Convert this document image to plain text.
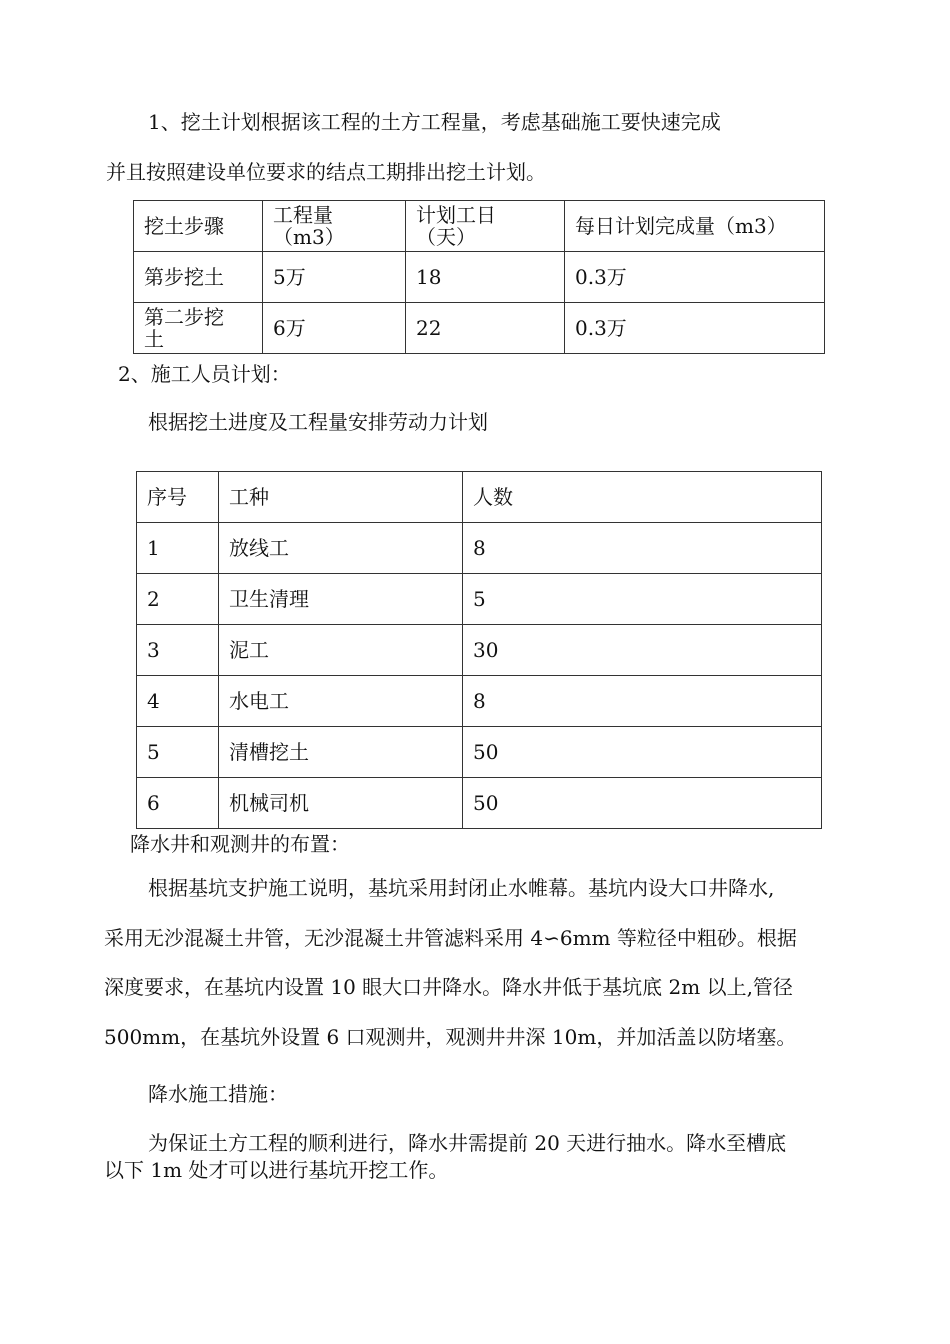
1、挖土计划根据该工程的土方工程量，考虑基础施工要快速完成
并且按照建设单位要求的结点工期排出挖土计划。
挖土步骤	工程量（m3）	计划工日（天）	每日计划完成量（m3）
第步挖土	5万	18	0.3万

第二步挖土	6万	22	0.3万
2、施工人员计划：
根据挖土进度及工程量安排劳动力计划
序号	工种	人数
1	放线工	8
2	卫生清理	5
3	泥工	30
4	水电工	8
5	清槽挖土	50
6	机械司机	50
降水井和观测井的布置：
根据基坑支护施工说明，基坑采用封闭止水帷幕。基坑内设大口井降水,
采用无沙混凝土井管，无沙混凝土井管滤料采用 4∽6mm 等粒径中粗砂。根据
深度要求，在基坑内设置 10 眼大口井降水。降水井低于基坑底 2m 以上,管径
500mm，在基坑外设置 6 口观测井，观测井井深 10m，并加活盖以防堵塞。
降水施工措施：
为保证土方工程的顺利进行，降水井需提前 20 天进行抽水。降水至槽底
以下 1m 处才可以进行基坑开挖工作。
